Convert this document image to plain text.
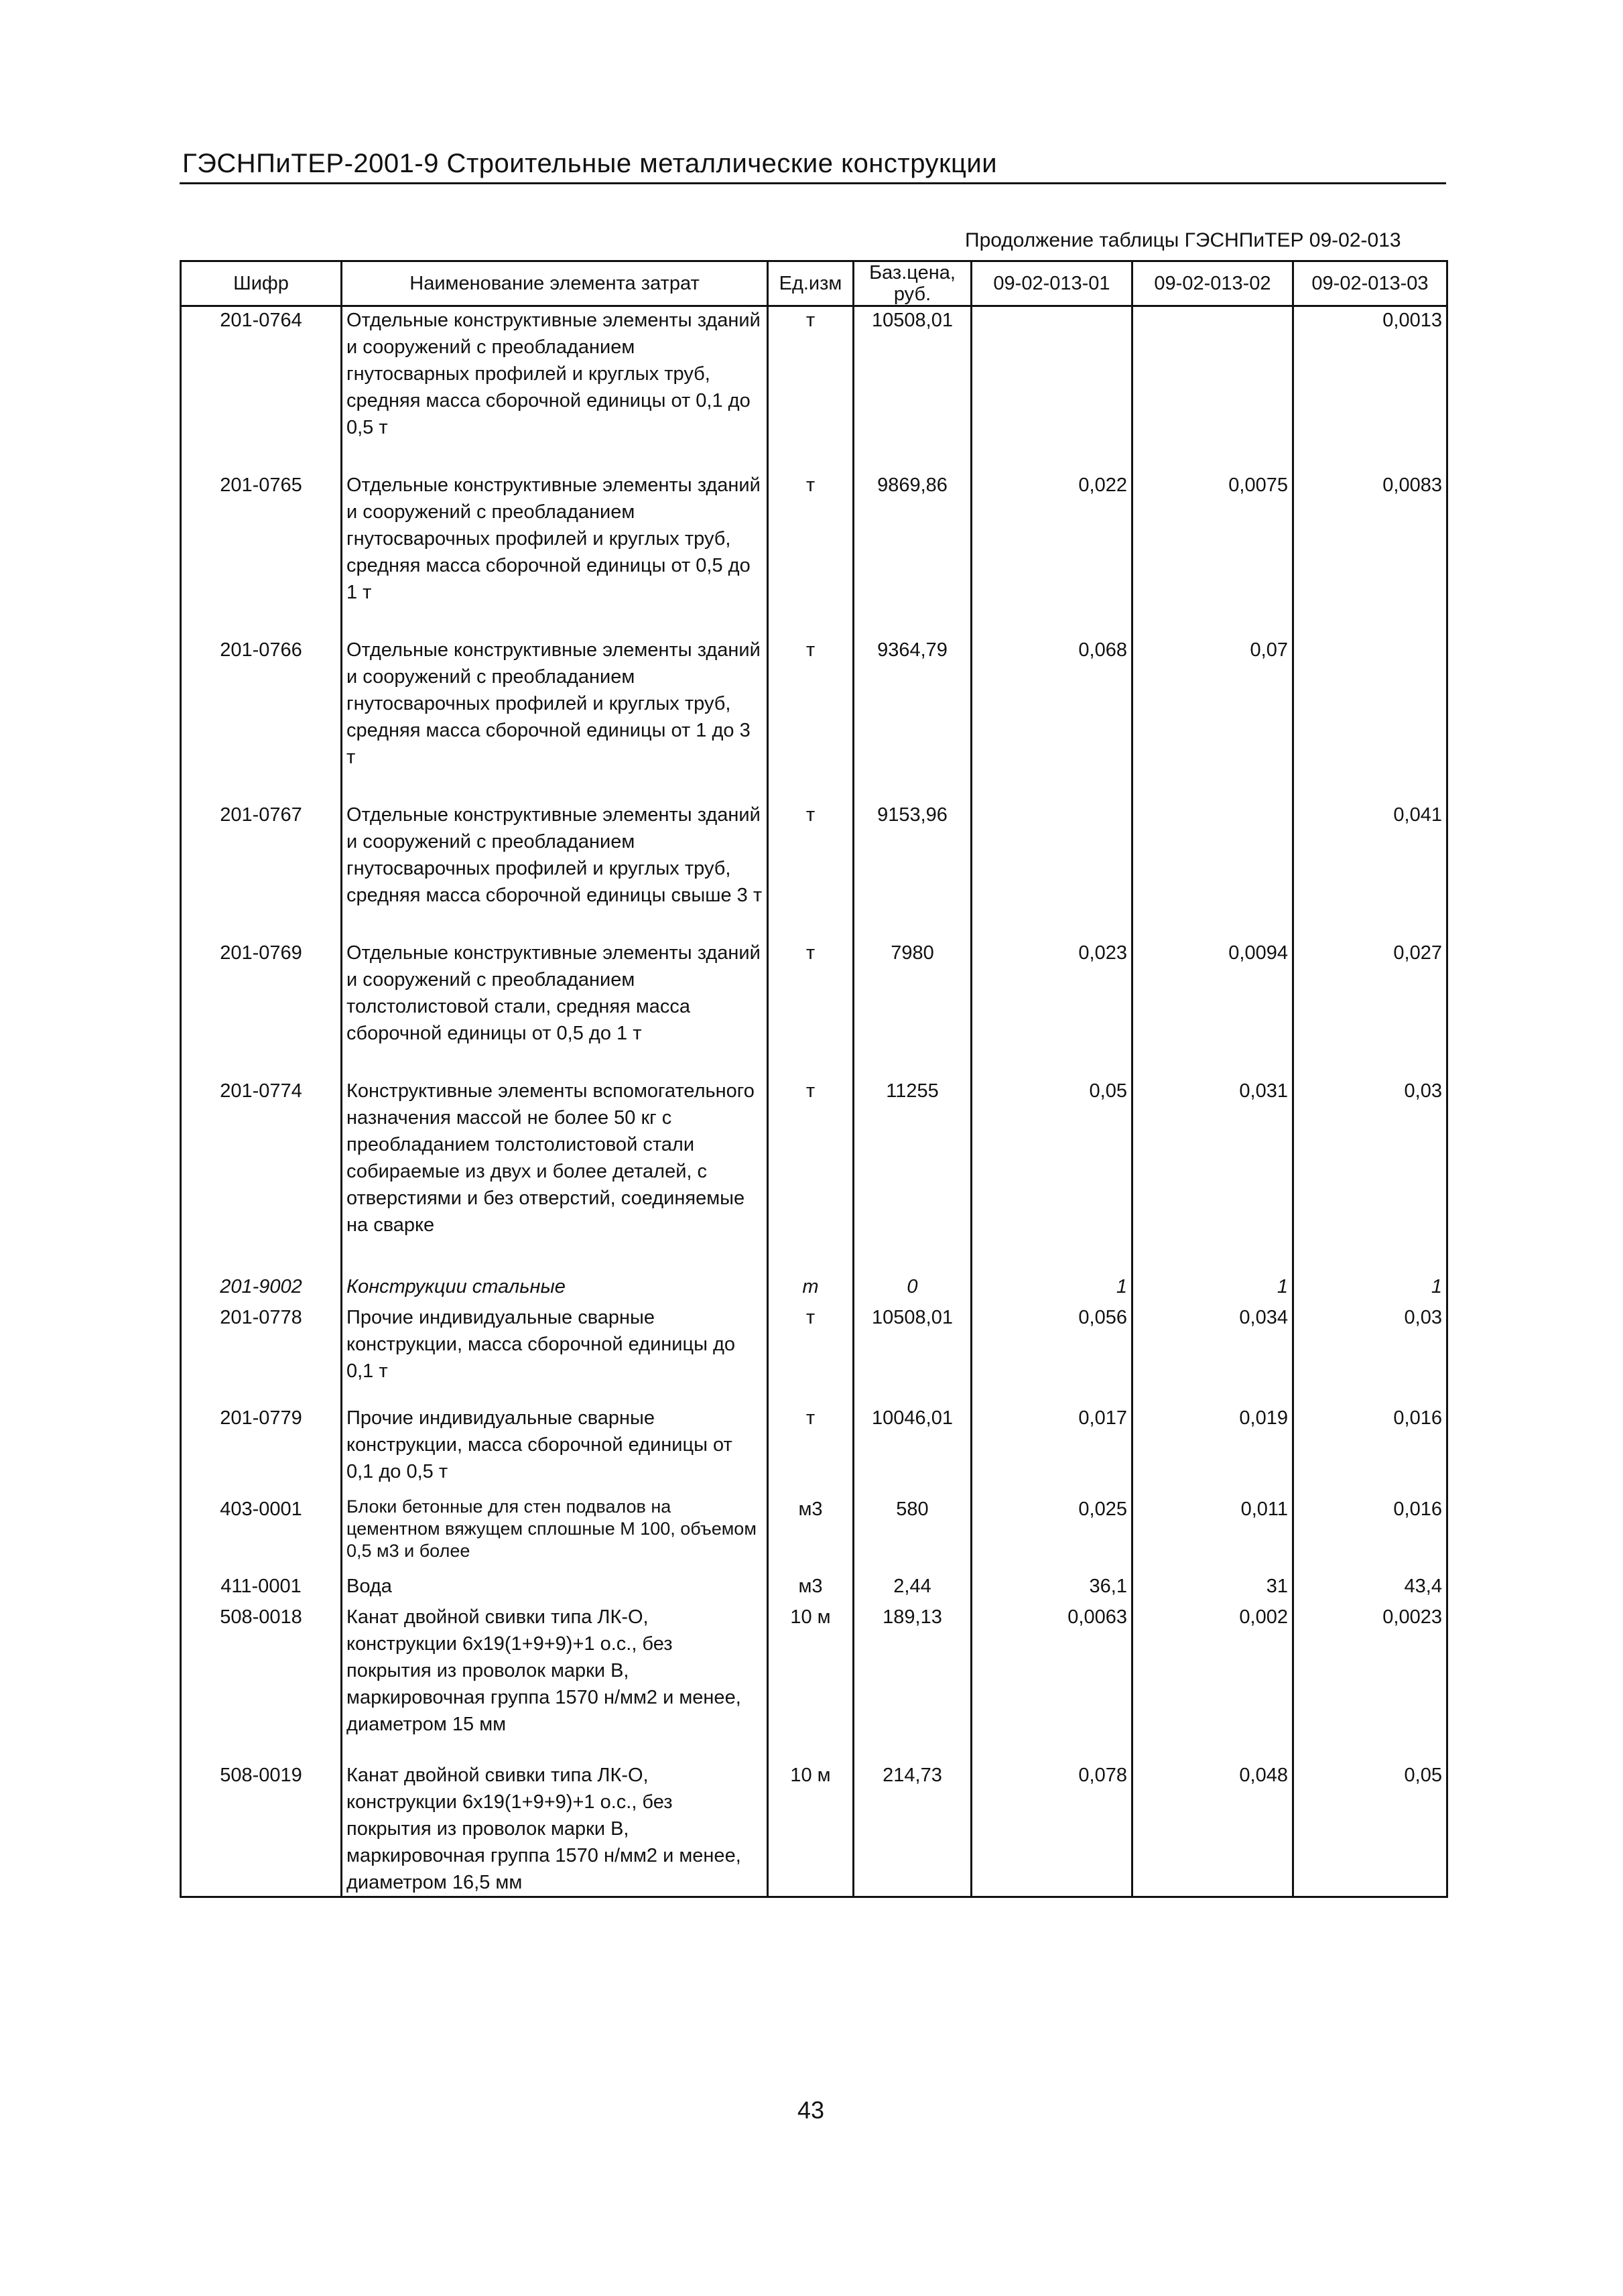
ГЭСНПиТЕР-2001-9 Строительные металлические конструкции
Продолжение таблицы ГЭСНПиТЕР 09-02-013
Шифр	Наименование элемента затрат	Ед.изм	Баз.цена, руб.	09-02-013-01	09-02-013-02	09-02-013-03
201-0764	Отдельные конструктивные элементы зданий и сооружений с преобладанием гнутосварных профилей и круглых труб, средняя масса сборочной единицы от 0,1 до 0,5 т	т	10508,01			0,0013

201-0765	Отдельные конструктивные элементы зданий и сооружений с преобладанием гнутосварочных профилей и круглых труб, средняя масса сборочной единицы от 0,5 до 1 т	т	9869,86	0,022	0,0075	0,0083

201-0766	Отдельные конструктивные элементы зданий и сооружений с преобладанием гнутосварочных профилей и круглых труб, средняя масса сборочной единицы от 1 до 3 т	т	9364,79	0,068	0,07	

201-0767	Отдельные конструктивные элементы зданий и сооружений с преобладанием гнутосварочных профилей и круглых труб, средняя масса сборочной единицы свыше 3 т	т	9153,96			0,041

201-0769	Отдельные конструктивные элементы зданий и сооружений с преобладанием толстолистовой стали, средняя масса сборочной единицы от 0,5 до 1 т	т	7980	0,023	0,0094	0,027

201-0774	Конструктивные элементы вспомогательного назначения массой не более 50 кг с преобладанием толстолистовой стали собираемые из двух и более деталей, с отверстиями и без отверстий, соединяемые на сварке	т	11255	0,05	0,031	0,03

201-9002	Конструкции стальные	т	0	1	1	1

201-0778	Прочие индивидуальные сварные конструкции, масса сборочной единицы до 0,1 т	т	10508,01	0,056	0,034	0,03

201-0779	Прочие индивидуальные сварные конструкции, масса сборочной единицы от 0,1 до 0,5 т	т	10046,01	0,017	0,019	0,016

403-0001	Блоки бетонные для стен подвалов на цементном вяжущем сплошные М 100, объемом 0,5 м3 и более	м3	580	0,025	0,011	0,016

411-0001	Вода	м3	2,44	36,1	31	43,4

508-0018	Канат двойной свивки типа ЛК-О, конструкции 6х19(1+9+9)+1 о.с., без покрытия из проволок марки В, маркировочная группа 1570 н/мм2 и менее, диаметром 15 мм	10 м	189,13	0,0063	0,002	0,0023

508-0019	Канат двойной свивки типа ЛК-О, конструкции 6х19(1+9+9)+1 о.с., без покрытия из проволок марки В, маркировочная группа 1570 н/мм2 и менее, диаметром 16,5 мм	10 м	214,73	0,078	0,048	0,05
43
